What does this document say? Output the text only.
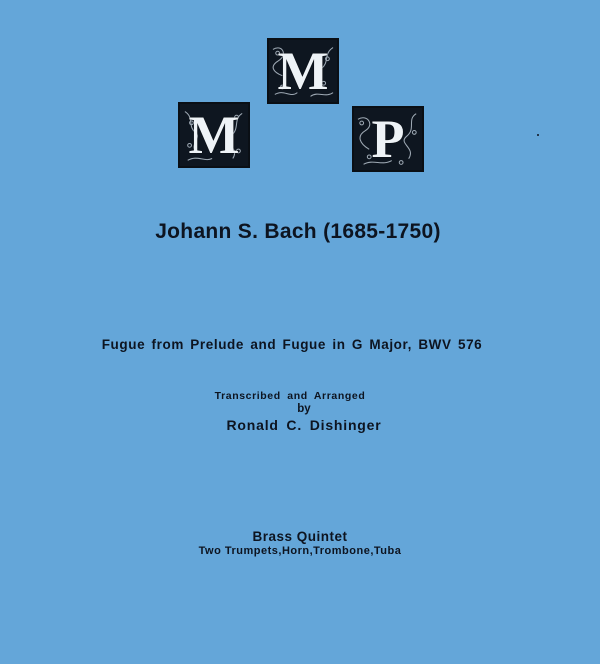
M
M	P
Johann S. Bach (1685-1750)
Fugue from Prelude and Fugue in G Major, BWV 576
Transcribed and Arranged
by
Ronald C. Dishinger
Brass Quintet
Two Trumpets,Horn,Trombone,Tuba
